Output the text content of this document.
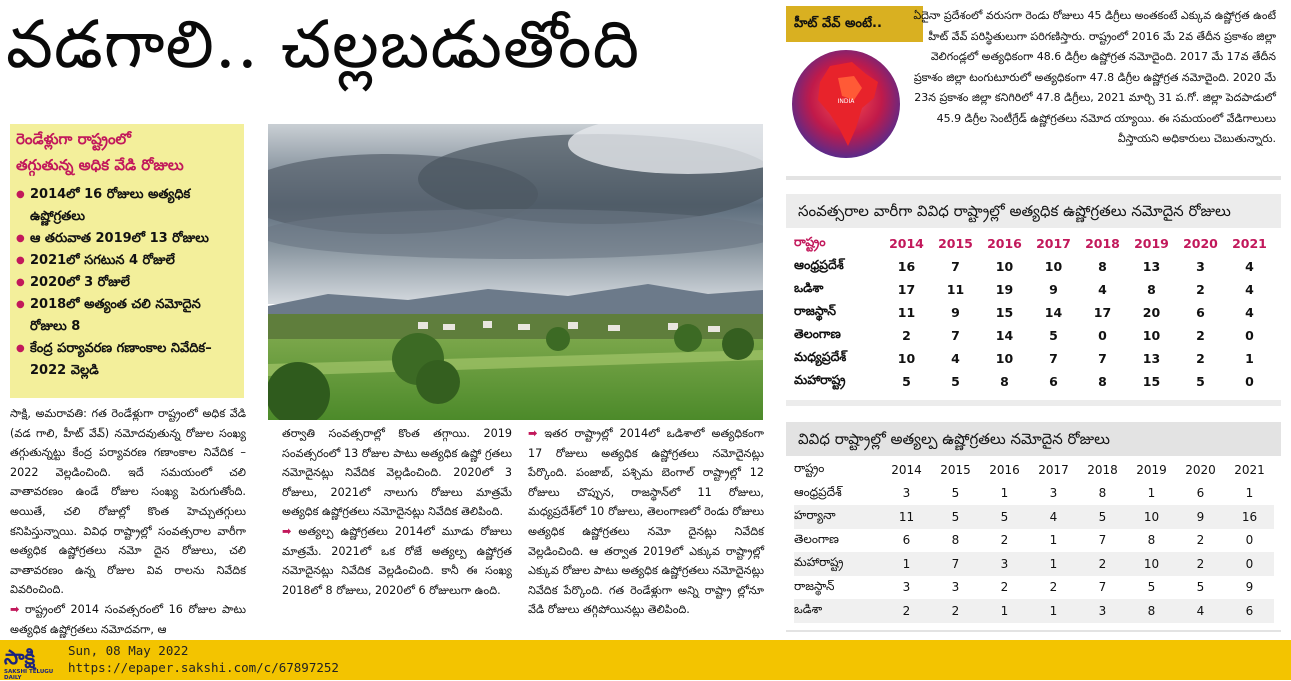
వడగాలి.. చల్లబడుతోంది
రెండేళ్లుగా రాష్ట్రంలో
తగ్గుతున్న అధిక వేడి రోజులు
● 2014లో 16 రోజులు అత్యధిక ఉష్ణోగ్రతలు
● ఆ తరువాత 2019లో 13 రోజులు
● 2021లో సగటున 4 రోజులే
● 2020లో 3 రోజులే
● 2018లో అత్యంత చలి నమోదైన రోజులు 8
● కేంద్ర పర్యావరణ గణాంకాల నివేదిక–2022 వెల్లడి

సాక్షి, అమరావతి: గత రెండేళ్లుగా రాష్ట్రంలో అధిక వేడి (వడ గాలి, హీట్ వేవ్) నమోదవుతున్న రోజుల సంఖ్య తగ్గుతున్నట్టు కేంద్ర పర్యావరణ గణాంకాల నివేదిక – 2022 వెల్లడించింది. ఇదే సమయంలో చలి వాతావరణం ఉండే రోజుల సంఖ్య పెరుగుతోంది. అయితే, చలి రోజుల్లో కొంత హెచ్చుతగ్గులు కనిపిస్తున్నాయి. వివిధ రాష్ట్రాల్లో సంవత్సరాల వారీగా అత్యధిక ఉష్ణోగ్రతలు నమో దైన రోజులు, చలి వాతావరణం ఉన్న రోజుల వివ రాలను నివేదిక వివరించింది.

➡ రాష్ట్రంలో 2014 సంవత్సరంలో 16 రోజుల పాటు అత్యధిక ఉష్ణోగ్రతలు నమోదవగా, ఆ

తర్వాతి సంవత్సరాల్లో కొంత తగ్గాయి. 2019 సంవత్సరంలో 13 రోజుల పాటు అత్యధిక ఉష్ణో గ్రతలు నమోదైనట్లు నివేదిక వెల్లడించింది. 2020లో 3 రోజులు, 2021లో నాలుగు రోజులు మాత్రమే అత్యధిక ఉష్ణోగ్రతలు నమోదైనట్లు నివేదిక తెలిపింది.

➡ అత్యల్ప ఉష్ణోగ్రతలు 2014లో మూడు రోజులు మాత్రమే. 2021లో ఒక రోజే అత్యల్ప ఉష్ణోగ్రత నమోదైనట్లు నివేదిక వెల్లడించింది. కానీ ఈ సంఖ్య 2018లో 8 రోజులు, 2020లో 6 రోజులుగా ఉంది.

➡ ఇతర రాష్ట్రాల్లో 2014లో ఒడిశాలో అత్యధికంగా 17 రోజులు అత్యధిక ఉష్ణోగ్రతలు నమోదైనట్లు పేర్కొంది. పంజాబ్, పశ్చిమ బెంగాల్ రాష్ట్రాల్లో 12 రోజులు చొప్పున, రాజస్థాన్‌లో 11 రోజులు, మధ్యప్రదేశ్‌లో 10 రోజులు, తెలంగాణలో రెండు రోజులు అత్యధిక ఉష్ణోగ్రతలు నమో దైనట్లు నివేదిక వెల్లడించింది. ఆ తర్వాత 2019లో ఎక్కువ రాష్ట్రాల్లో ఎక్కువ రోజుల పాటు అత్యధిక ఉష్ణోగ్రతలు నమోదైనట్లు నివేదిక పేర్కొంది. గత రెండేళ్లుగా అన్ని రాష్ట్రా ల్లోనూ వేడి రోజులు తగ్గిపోయినట్లు తెలిపింది.

హీట్ వేవ్ అంటే..
INDIA
ఏదైనా ప్రదేశంలో వరుసగా రెండు రోజులు 45 డిగ్రీలు అంతకంటే ఎక్కువ ఉష్ణోగ్రత ఉంటే హీట్ వేవ్ పరిస్థితులుగా పరిగణిస్తారు. రాష్ట్రంలో 2016 మే 2వ తేదీన ప్రకాశం జిల్లా వెలిగండ్లలో అత్యధికంగా 48.6 డిగ్రీల ఉష్ణోగ్రత నమోదైంది. 2017 మే 17వ తేదీన ప్రకాశం జిల్లా టంగుటూరులో అత్యధికంగా 47.8 డిగ్రీల ఉష్ణోగ్రత నమోదైంది. 2020 మే 23న ప్రకాశం జిల్లా కనిగిరిలో 47.8 డిగ్రీలు, 2021 మార్చి 31 ప.గో. జిల్లా పెదపాడులో 45.9 డిగ్రీల సెంటీగ్రేడ్ ఉష్ణోగ్రతలు నమోద య్యాయి. ఈ సమయంలో వేడిగాలులు వీస్తాయని అధికారులు చెబుతున్నారు.
సంవత్సరాల వారీగా వివిధ రాష్ట్రాల్లో అత్యధిక ఉష్ణోగ్రతలు నమోదైన రోజులు
రాష్ట్రం	2014	2015	2016	2017	2018	2019	2020	2021
ఆంధ్రప్రదేశ్	16	7	10	10	8	13	3	4
ఒడిశా	17	11	19	9	4	8	2	4
రాజస్థాన్	11	9	15	14	17	20	6	4
తెలంగాణ	2	7	14	5	0	10	2	0
మధ్యప్రదేశ్	10	4	10	7	7	13	2	1
మహారాష్ట్ర	5	5	8	6	8	15	5	0
వివిధ రాష్ట్రాల్లో అత్యల్ప ఉష్ణోగ్రతలు నమోదైన రోజులు
రాష్ట్రం	2014	2015	2016	2017	2018	2019	2020	2021
ఆంధ్రప్రదేశ్	3	5	1	3	8	1	6	1
హర్యానా	11	5	5	4	5	10	9	16
తెలంగాణ	6	8	2	1	7	8	2	0
మహారాష్ట్ర	1	7	3	1	2	10	2	0
రాజస్థాన్	3	3	2	2	7	5	5	9
ఒడిశా	2	2	1	1	3	8	4	6
సాక్షి
SAKSHI TELUGU DAILY
Sun, 08 May 2022
https://epaper.sakshi.com/c/67897252
